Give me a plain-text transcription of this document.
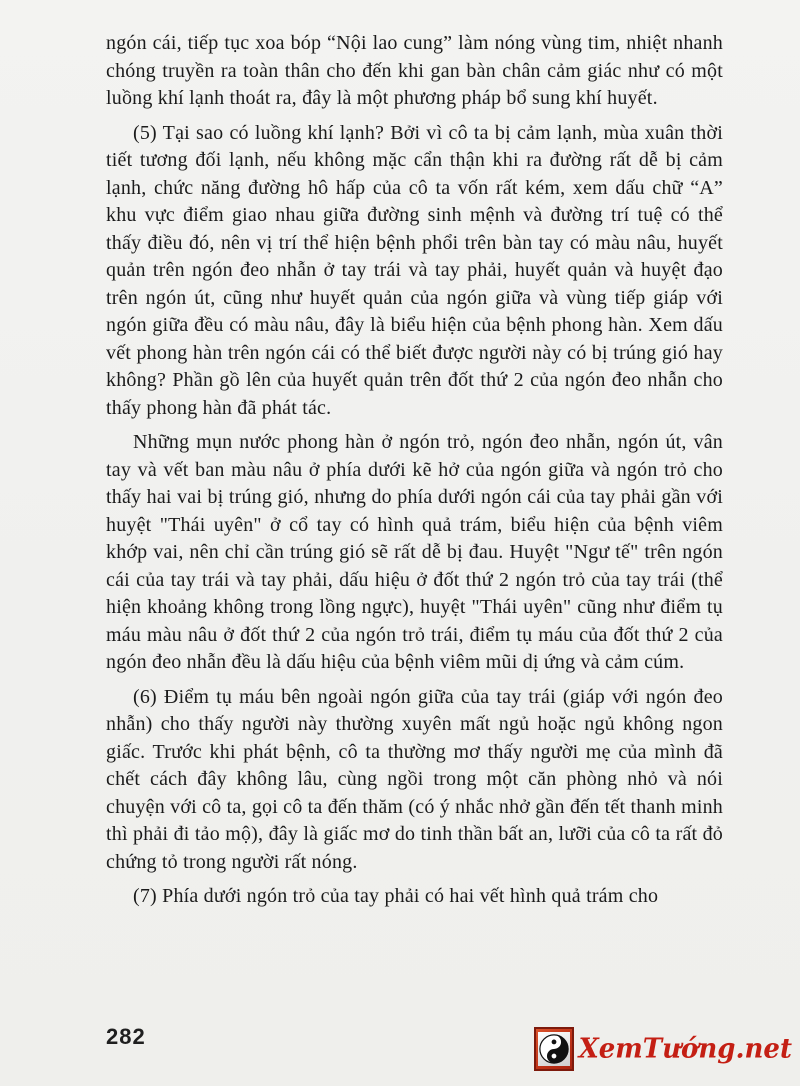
ngón cái, tiếp tục xoa bóp “Nội lao cung” làm nóng vùng tim, nhiệt nhanh chóng truyền ra toàn thân cho đến khi gan bàn chân cảm giác như có một luồng khí lạnh thoát ra, đây là một phương pháp bổ sung khí huyết.

(5) Tại sao có luồng khí lạnh? Bởi vì cô ta bị cảm lạnh, mùa xuân thời tiết tương đối lạnh, nếu không mặc cẩn thận khi ra đường rất dễ bị cảm lạnh, chức năng đường hô hấp của cô ta vốn rất kém, xem dấu chữ “A” khu vực điểm giao nhau giữa đường sinh mệnh và đường trí tuệ có thể thấy điều đó, nên vị trí thể hiện bệnh phổi trên bàn tay có màu nâu, huyết quản trên ngón đeo nhẫn ở tay trái và tay phải, huyết quản và huyệt đạo trên ngón út, cũng như huyết quản của ngón giữa và vùng tiếp giáp với ngón giữa đều có màu nâu, đây là biểu hiện của bệnh phong hàn. Xem dấu vết phong hàn trên ngón cái có thể biết được người này có bị trúng gió hay không? Phần gồ lên của huyết quản trên đốt thứ 2 của ngón đeo nhẫn cho thấy phong hàn đã phát tác.

Những mụn nước phong hàn ở ngón trỏ, ngón đeo nhẫn, ngón út, vân tay và vết ban màu nâu ở phía dưới kẽ hở của ngón giữa và ngón trỏ cho thấy hai vai bị trúng gió, nhưng do phía dưới ngón cái của tay phải gần với huyệt "Thái uyên" ở cổ tay có hình quả trám, biểu hiện của bệnh viêm khớp vai, nên chỉ cần trúng gió sẽ rất dễ bị đau. Huyệt "Ngư tế" trên ngón cái của tay trái và tay phải, dấu hiệu ở đốt thứ 2 ngón trỏ của tay trái (thể hiện khoảng không trong lồng ngực), huyệt "Thái uyên" cũng như điểm tụ máu màu nâu ở đốt thứ 2 của ngón trỏ trái, điểm tụ máu của đốt thứ 2 của ngón đeo nhẫn đều là dấu hiệu của bệnh viêm mũi dị ứng và cảm cúm.

(6) Điểm tụ máu bên ngoài ngón giữa của tay trái (giáp với ngón đeo nhẫn) cho thấy người này thường xuyên mất ngủ hoặc ngủ không ngon giấc. Trước khi phát bệnh, cô ta thường mơ thấy người mẹ của mình đã chết cách đây không lâu, cùng ngồi trong một căn phòng nhỏ và nói chuyện với cô ta, gọi cô ta đến thăm (có ý nhắc nhở gần đến tết thanh minh thì phải đi tảo mộ), đây là giấc mơ do tinh thần bất an, lưỡi của cô ta rất đỏ chứng tỏ trong người rất nóng.

(7) Phía dưới ngón trỏ của tay phải có hai vết hình quả trám cho

282	XemTướng.net
